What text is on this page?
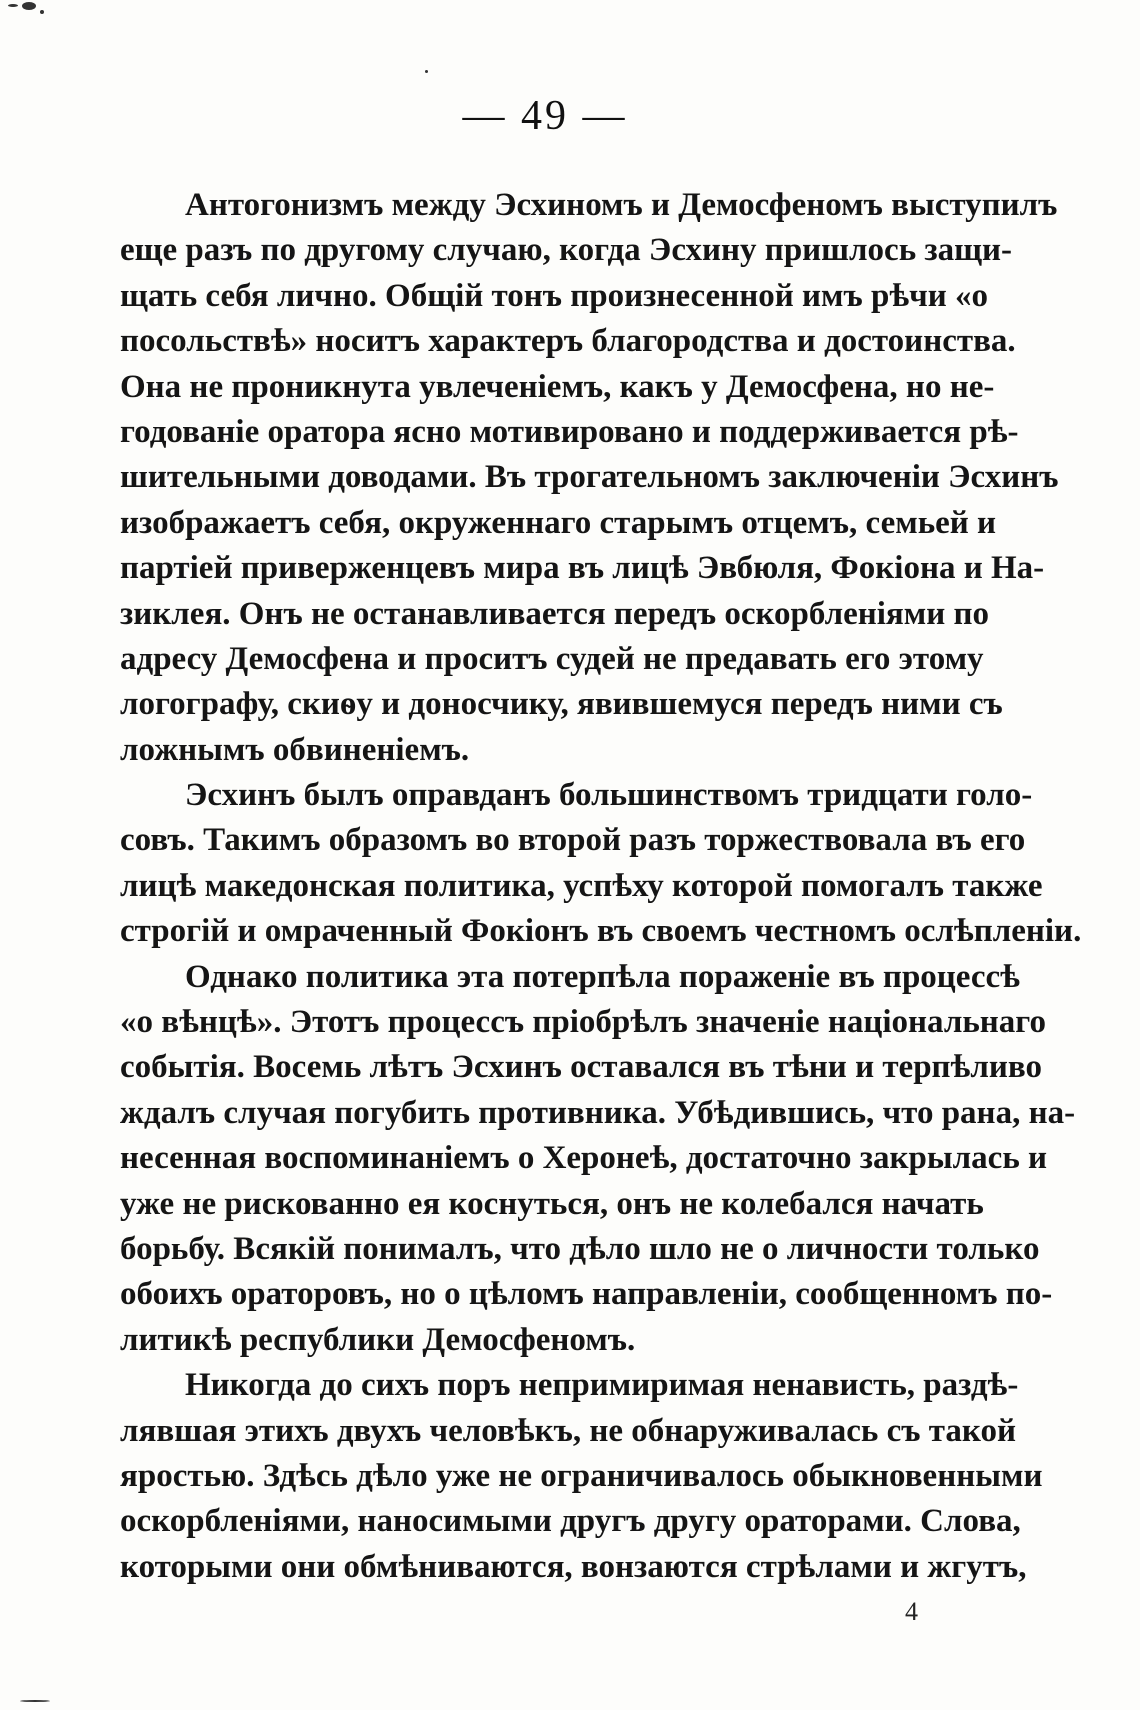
— 49 —
Антогонизмъ между Эсхиномъ и Демосфеномъ выступилъ
еще разъ по другому случаю, когда Эсхину пришлось защи-
щать себя лично. Общій тонъ произнесенной имъ рѣчи «о
посольствѣ» носитъ характеръ благородства и достоинства.
Она не проникнута увлеченіемъ, какъ у Демосфена, но не-
годованіе оратора ясно мотивировано и поддерживается рѣ-
шительными доводами. Въ трогательномъ заключеніи Эсхинъ
изображаетъ себя, окруженнаго старымъ отцемъ, семьей и
партіей приверженцевъ мира въ лицѣ Эвбюля, Фокіона и На-
зиклея. Онъ не останавливается передъ оскорбленіями по
адресу Демосфена и проситъ судей не предавать его этому
логографу, скиѳу и доносчику, явившемуся передъ ними съ
ложнымъ обвиненіемъ.
Эсхинъ былъ оправданъ большинствомъ тридцати голо-
совъ. Такимъ образомъ во второй разъ торжествовала въ его
лицѣ македонская политика, успѣху которой помогалъ также
строгій и омраченный Фокіонъ въ своемъ честномъ ослѣпленіи.
Однако политика эта потерпѣла пораженіе въ процессѣ
«о вѣнцѣ». Этотъ процессъ пріобрѣлъ значеніе національнаго
событія. Восемь лѣтъ Эсхинъ оставался въ тѣни и терпѣливо
ждалъ случая погубить противника. Убѣдившись, что рана, на-
несенная воспоминаніемъ о Херонеѣ, достаточно закрылась и
уже не рискованно ея коснуться, онъ не колебался начать
борьбу. Всякій понималъ, что дѣло шло не о личности только
обоихъ ораторовъ, но о цѣломъ направленіи, сообщенномъ по-
литикѣ республики Демосфеномъ.
Никогда до сихъ поръ непримиримая ненависть, раздѣ-
лявшая этихъ двухъ человѣкъ, не обнаруживалась съ такой
яростью. Здѣсь дѣло уже не ограничивалось обыкновенными
оскорбленіями, наносимыми другъ другу ораторами. Слова,
которыми они обмѣниваются, вонзаются стрѣлами и жгутъ,
4
